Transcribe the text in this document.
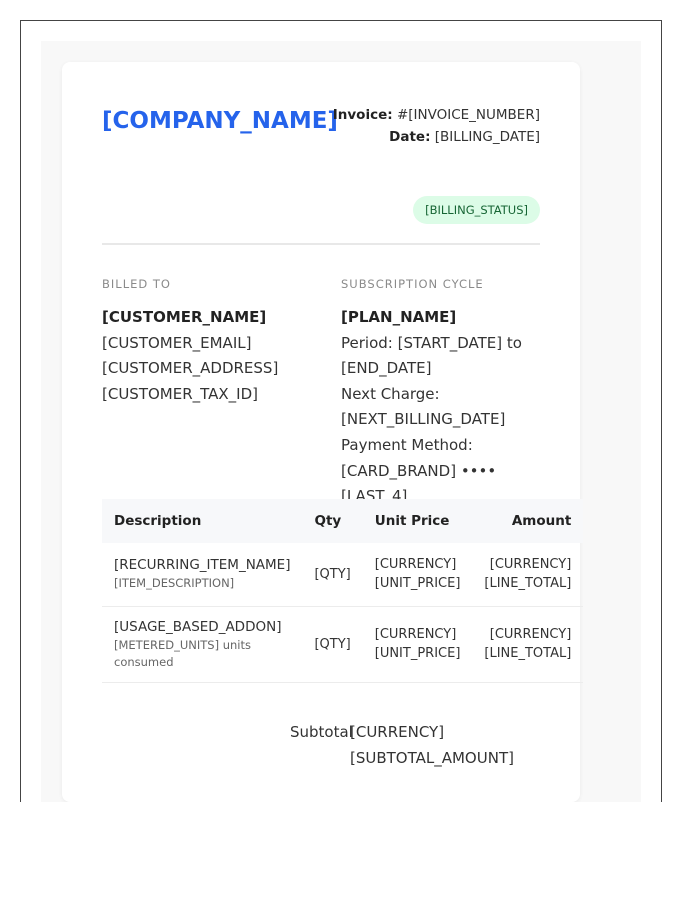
[COMPANY_NAME]
Invoice: #[INVOICE_NUMBER]
Date: [BILLING_DATE]
[BILLING_STATUS]
BILLED TO
[CUSTOMER_NAME]
[CUSTOMER_EMAIL]
[CUSTOMER_ADDRESS]
[CUSTOMER_TAX_ID]
SUBSCRIPTION CYCLE
[PLAN_NAME]
Period: [START_DATE] to [END_DATE]
Next Charge: [NEXT_BILLING_DATE]
Payment Method: [CARD_BRAND] •••• [LAST_4]
Description	Qty	Unit Price	Amount

[RECURRING_ITEM_NAME]
[ITEM_DESCRIPTION]	[QTY]	[CURRENCY] [UNIT_PRICE]	[CURRENCY] [LINE_TOTAL]

[USAGE_BASED_ADDON]
[METERED_UNITS] units consumed	[QTY]	[CURRENCY] [UNIT_PRICE]	[CURRENCY] [LINE_TOTAL]
Subtotal
[CURRENCY] [SUBTOTAL_AMOUNT]
